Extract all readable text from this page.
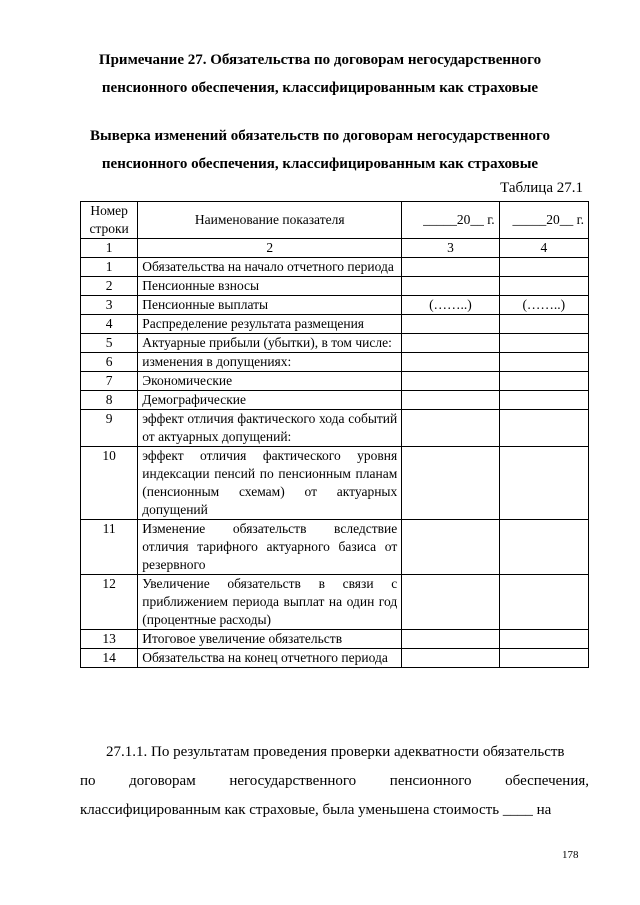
Примечание 27. Обязательства по договорам негосударственного пенсионного обеспечения, классифицированным как страховые
Выверка изменений обязательств по договорам негосударственного пенсионного обеспечения, классифицированным как страховые
Таблица 27.1
Номер строки	Наименование показателя	_____20__ г.	_____20__ г.
1	2	3	4
1	Обязательства на начало отчетного периода		
2	Пенсионные взносы		
3	Пенсионные выплаты	(……..)	(……..)
4	Распределение результата размещения		
5	Актуарные прибыли (убытки), в том числе:		
6	изменения в допущениях:		
7	Экономические		
8	Демографические		
9	эффект отличия фактического хода событий от актуарных допущений:		
10	эффект отличия фактического уровня индексации пенсий по пенсионным планам (пенсионным схемам) от актуарных допущений		
11	Изменение обязательств вследствие отличия тарифного актуарного базиса от резервного		
12	Увеличение обязательств в связи с приближением периода выплат на один год (процентные расходы)		
13	Итоговое увеличение обязательств		
14	Обязательства на конец отчетного периода		
27.1.1. По результатам проведения проверки адекватности обязательств
по договорам негосударственного пенсионного обеспечения, классифицированным как страховые, была уменьшена стоимость ____ на
178
